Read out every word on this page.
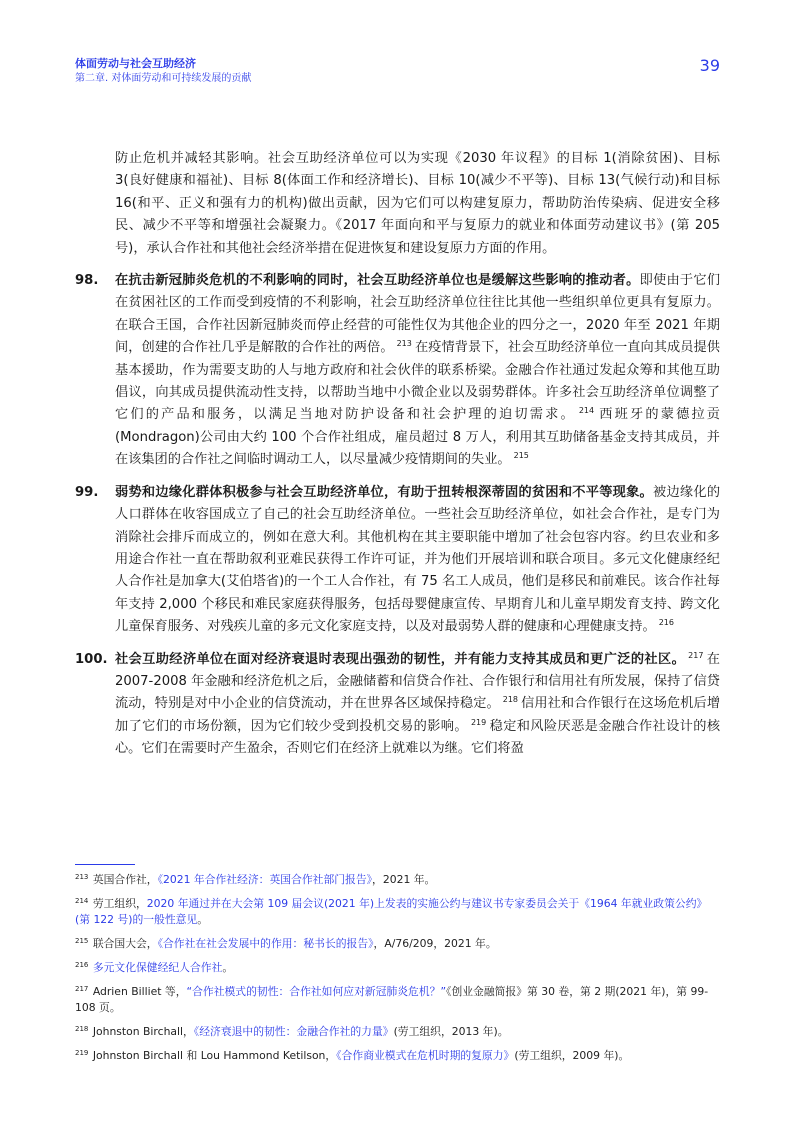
体面劳动与社会互助经济
第二章. 对体面劳动和可持续发展的贡献
39
防止危机并减轻其影响。社会互助经济单位可以为实现《2030 年议程》的目标 1(消除贫困)、目标 3(良好健康和福祉)、目标 8(体面工作和经济增长)、目标 10(减少不平等)、目标 13(气候行动)和目标 16(和平、正义和强有力的机构)做出贡献，因为它们可以构建复原力，帮助防治传染病、促进安全移民、减少不平等和增强社会凝聚力。《2017 年面向和平与复原力的就业和体面劳动建议书》(第 205 号)，承认合作社和其他社会经济举措在促进恢复和建设复原力方面的作用。
98. 在抗击新冠肺炎危机的不利影响的同时，社会互助经济单位也是缓解这些影响的推动者。即使由于它们在贫困社区的工作而受到疫情的不利影响，社会互助经济单位往往比其他一些组织单位更具有复原力。在联合王国，合作社因新冠肺炎而停止经营的可能性仅为其他企业的四分之一，2020 年至 2021 年期间，创建的合作社几乎是解散的合作社的两倍。 $^{213}$ 在疫情背景下，社会互助经济单位一直向其成员提供基本援助，作为需要支助的人与地方政府和社会伙伴的联系桥梁。金融合作社通过发起众筹和其他互助倡议，向其成员提供流动性支持，以帮助当地中小微企业以及弱势群体。许多社会互助经济单位调整了它们的产品和服务，以满足当地对防护设备和社会护理的迫切需求。 $^{214}$ 西班牙的蒙德拉贡(Mondragon)公司由大约 100 个合作社组成，雇员超过 8 万人，利用其互助储备基金支持其成员，并在该集团的合作社之间临时调动工人，以尽量减少疫情期间的失业。 $^{215}$
99. 弱势和边缘化群体积极参与社会互助经济单位，有助于扭转根深蒂固的贫困和不平等现象。被边缘化的人口群体在收容国成立了自己的社会互助经济单位。一些社会互助经济单位，如社会合作社，是专门为消除社会排斥而成立的，例如在意大利。其他机构在其主要职能中增加了社会包容内容。约旦农业和多用途合作社一直在帮助叙利亚难民获得工作许可证，并为他们开展培训和联合项目。多元文化健康经纪人合作社是加拿大(艾伯塔省)的一个工人合作社，有 75 名工人成员，他们是移民和前难民。该合作社每年支持 2,000 个移民和难民家庭获得服务，包括母婴健康宣传、早期育儿和儿童早期发育支持、跨文化儿童保育服务、对残疾儿童的多元文化家庭支持，以及对最弱势人群的健康和心理健康支持。 $^{216}$
100. 社会互助经济单位在面对经济衰退时表现出强劲的韧性，并有能力支持其成员和更广泛的社区。 $^{217}$ 在 2007-2008 年金融和经济危机之后，金融储蓄和信贷合作社、合作银行和信用社有所发展，保持了信贷流动，特别是对中小企业的信贷流动，并在世界各区域保持稳定。 $^{218}$ 信用社和合作银行在这场危机后增加了它们的市场份额，因为它们较少受到投机交易的影响。 $^{219}$ 稳定和风险厌恶是金融合作社设计的核心。它们在需要时产生盈余，否则它们在经济上就难以为继。它们将盈
$^{213}$ 英国合作社，《2021 年合作社经济：英国合作社部门报告》，2021 年。
$^{214}$ 劳工组织，2020 年通过并在大会第 109 届会议(2021 年)上发表的实施公约与建议书专家委员会关于《1964 年就业政策公约》(第 122 号)的一般性意见。
$^{215}$ 联合国大会，《合作社在社会发展中的作用：秘书长的报告》，A/76/209，2021 年。
$^{216}$ 多元文化保健经纪人合作社。
$^{217}$ Adrien Billiet 等，“合作社模式的韧性：合作社如何应对新冠肺炎危机？”《创业金融简报》第 30 卷，第 2 期(2021 年)，第 99-108 页。
$^{218}$ Johnston Birchall，《经济衰退中的韧性：金融合作社的力量》(劳工组织，2013 年)。
$^{219}$ Johnston Birchall 和 Lou Hammond Ketilson，《合作商业模式在危机时期的复原力》(劳工组织，2009 年)。
